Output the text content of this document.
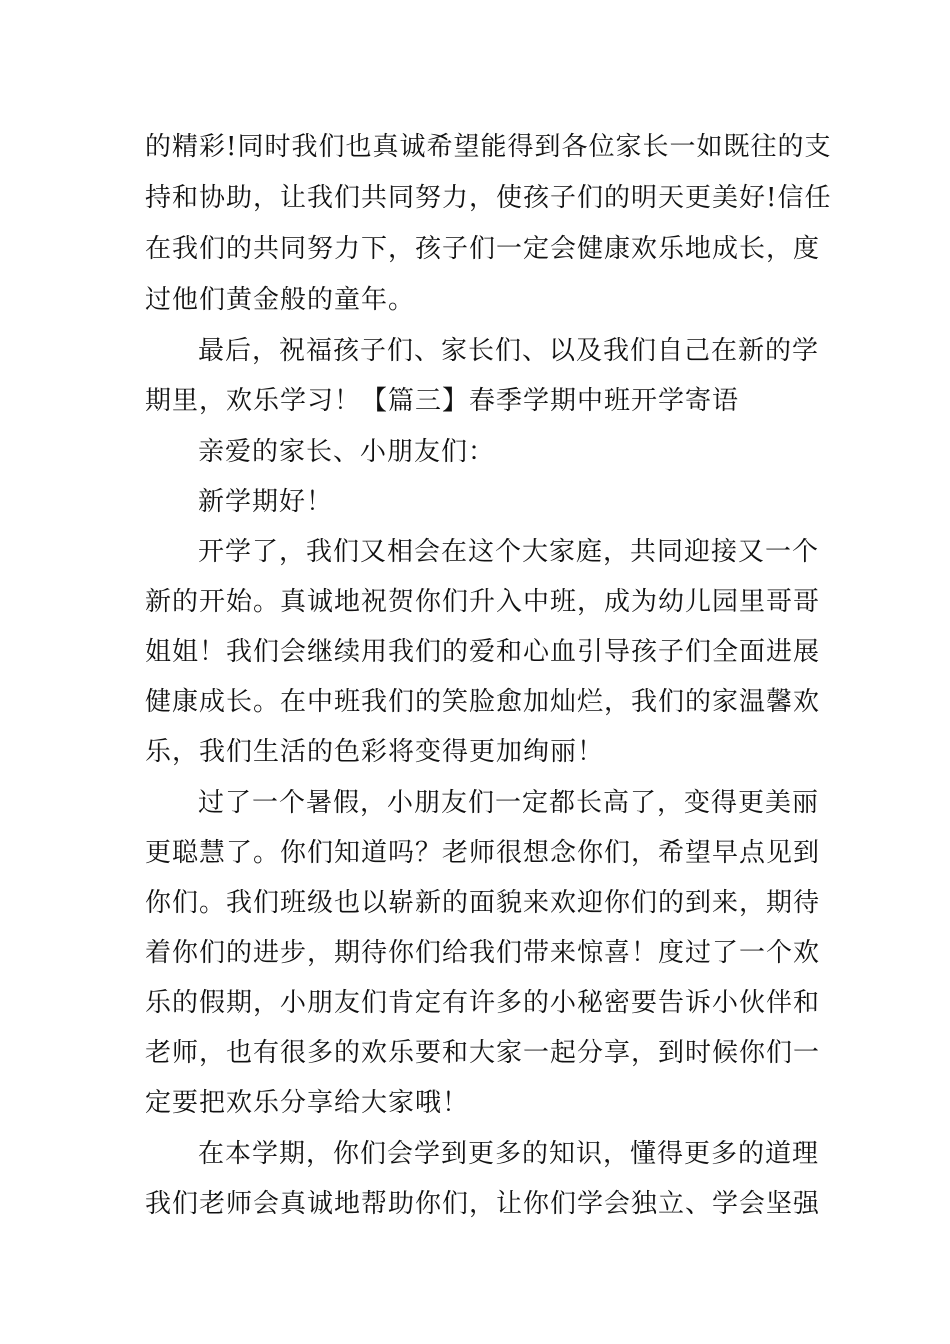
的精彩!同时我们也真诚希望能得到各位家长一如既往的支
持和协助，让我们共同努力，使孩子们的明天更美好!信任
在我们的共同努力下，孩子们一定会健康欢乐地成长，度
过他们黄金般的童年。
最后，祝福孩子们、家长们、以及我们自己在新的学
期里，欢乐学习！【篇三】春季学期中班开学寄语
亲爱的家长、小朋友们：
新学期好！
开学了，我们又相会在这个大家庭，共同迎接又一个
新的开始。真诚地祝贺你们升入中班，成为幼儿园里哥哥
姐姐！我们会继续用我们的爱和心血引导孩子们全面进展
健康成长。在中班我们的笑脸愈加灿烂，我们的家温馨欢
乐，我们生活的色彩将变得更加绚丽！
过了一个暑假，小朋友们一定都长高了，变得更美丽
更聪慧了。你们知道吗？老师很想念你们，希望早点见到
你们。我们班级也以崭新的面貌来欢迎你们的到来，期待
着你们的进步，期待你们给我们带来惊喜！度过了一个欢
乐的假期，小朋友们肯定有许多的小秘密要告诉小伙伴和
老师，也有很多的欢乐要和大家一起分享，到时候你们一
定要把欢乐分享给大家哦！
在本学期，你们会学到更多的知识，懂得更多的道理
我们老师会真诚地帮助你们，让你们学会独立、学会坚强
